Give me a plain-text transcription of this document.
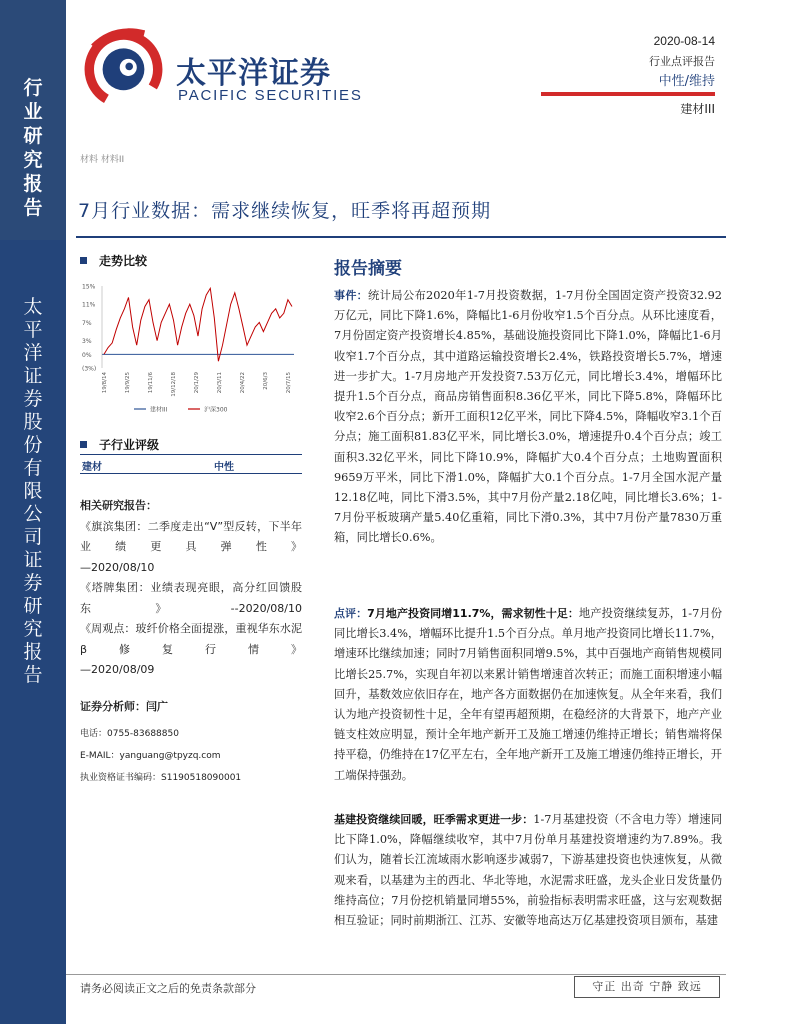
行
业
研
究
报
告
太
平
洋
证
券
股
份
有
限
公
司
证
券
研
究
报
告
太平洋证券
PACIFIC SECURITIES
2020-08-14
行业点评报告
中性/维持
建材III
材料 材料II
7月行业数据：需求继续恢复，旺季将再超预期
走势比较
15%
11%
7%
3%
0%
(3%)
19/8/14	19/9/25	19/11/6	19/12/18	20/1/29	20/3/11	20/4/22	20/6/3	20/7/15
建材III	沪深300
子行业评级
建材	中性
相关研究报告：
《旗滨集团：二季度走出“V”型反转，下半年业绩更具弹性》
—2020/08/10
《塔牌集团：业绩表现亮眼，高分红回馈股东》--2020/08/10
《周观点：玻纤价格全面提涨，重视华东水泥β修复行情》
—2020/08/09
证券分析师：闫广
电话：0755-83688850
E-MAIL：yanguang@tpyzq.com
执业资格证书编码：S1190518090001
报告摘要
事件：统计局公布2020年1-7月投资数据，1-7月份全国固定资产投资32.92万亿元，同比下降1.6%，降幅比1-6月份收窄1.5个百分点。从环比速度看，7月份固定资产投资增长4.85%，基础设施投资同比下降1.0%，降幅比1-6月收窄1.7个百分点，其中道路运输投资增长2.4%，铁路投资增长5.7%，增速进一步扩大。1-7月房地产开发投资7.53万亿元，同比增长3.4%，增幅环比提升1.5个百分点，商品房销售面积8.36亿平米，同比下降5.8%，降幅环比收窄2.6个百分点；新开工面积12亿平米，同比下降4.5%，降幅收窄3.1个百分点；施工面积81.83亿平米，同比增长3.0%，增速提升0.4个百分点；竣工面积3.32亿平米，同比下降10.9%，降幅扩大0.4个百分点；土地购置面积9659万平米，同比下滑1.0%，降幅扩大0.1个百分点。1-7月全国水泥产量12.18亿吨，同比下滑3.5%，其中7月份产量2.18亿吨，同比增长3.6%；1-7月份平板玻璃产量5.40亿重箱，同比下滑0.3%，其中7月份产量7830万重箱，同比增长0.6%。
点评：7月地产投资同增11.7%，需求韧性十足：地产投资继续复苏，1-7月份同比增长3.4%，增幅环比提升1.5个百分点。单月地产投资同比增长11.7%，增速环比继续加速；同时7月销售面积同增9.5%，其中百强地产商销售规模同比增长25.7%，实现自年初以来累计销售增速首次转正；而施工面积增速小幅回升，基数效应依旧存在，地产各方面数据仍在加速恢复。从全年来看，我们认为地产投资韧性十足，全年有望再超预期，在稳经济的大背景下，地产产业链支柱效应明显，预计全年地产新开工及施工增速仍维持正增长；销售端将保持平稳，仍维持在17亿平左右，全年地产新开工及施工增速仍维持正增长，开工端保持强劲。
基建投资继续回暖，旺季需求更进一步：1-7月基建投资（不含电力等）增速同比下降1.0%，降幅继续收窄，其中7月份单月基建投资增速约为7.89%。我们认为，随着长江流域雨水影响逐步减弱7，下游基建投资也快速恢复，从微观来看，以基建为主的西北、华北等地，水泥需求旺盛，龙头企业日发货量仍维持高位；7月份挖机销量同增55%，前验指标表明需求旺盛，这与宏观数据相互验证；同时前期浙江、江苏、安徽等地高达万亿基建投资项目颁布，基建
请务必阅读正文之后的免责条款部分	守正 出奇 宁静 致远
